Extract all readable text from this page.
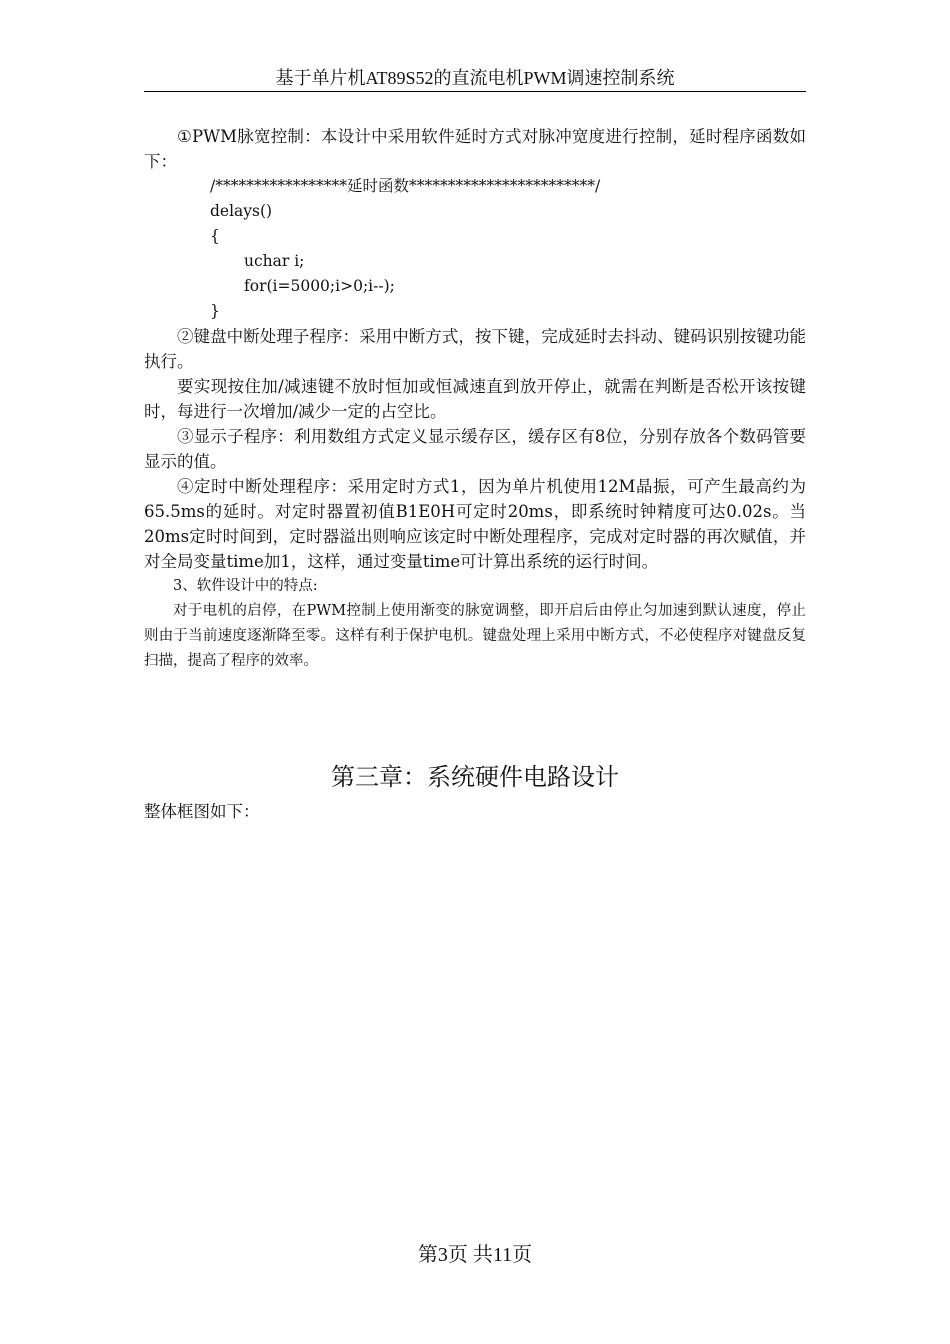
基于单片机AT89S52的直流电机PWM调速控制系统

①PWM脉宽控制：本设计中采用软件延时方式对脉冲宽度进行控制，延时程序函数如下：

/*****************延时函数************************/

delays()

{

uchar i;

for(i=5000;i>0;i--);

}

②键盘中断处理子程序：采用中断方式，按下键，完成延时去抖动、键码识别按键功能执行。

要实现按住加/减速键不放时恒加或恒减速直到放开停止，就需在判断是否松开该按键时，每进行一次增加/减少一定的占空比。

③显示子程序：利用数组方式定义显示缓存区，缓存区有8位，分别存放各个数码管要显示的值。

④定时中断处理程序：采用定时方式1，因为单片机使用12M晶振，可产生最高约为65.5ms的延时。对定时器置初值B1E0H可定时20ms，即系统时钟精度可达0.02s。当20ms定时时间到，定时器溢出则响应该定时中断处理程序，完成对定时器的再次赋值，并对全局变量time加1，这样，通过变量time可计算出系统的运行时间。

3、软件设计中的特点:

对于电机的启停，在PWM控制上使用渐变的脉宽调整，即开启后由停止匀加速到默认速度，停止则由于当前速度逐渐降至零。这样有利于保护电机。键盘处理上采用中断方式，不必使程序对键盘反复扫描，提高了程序的效率。

第三章：系统硬件电路设计
整体框图如下：
第3页 共11页
